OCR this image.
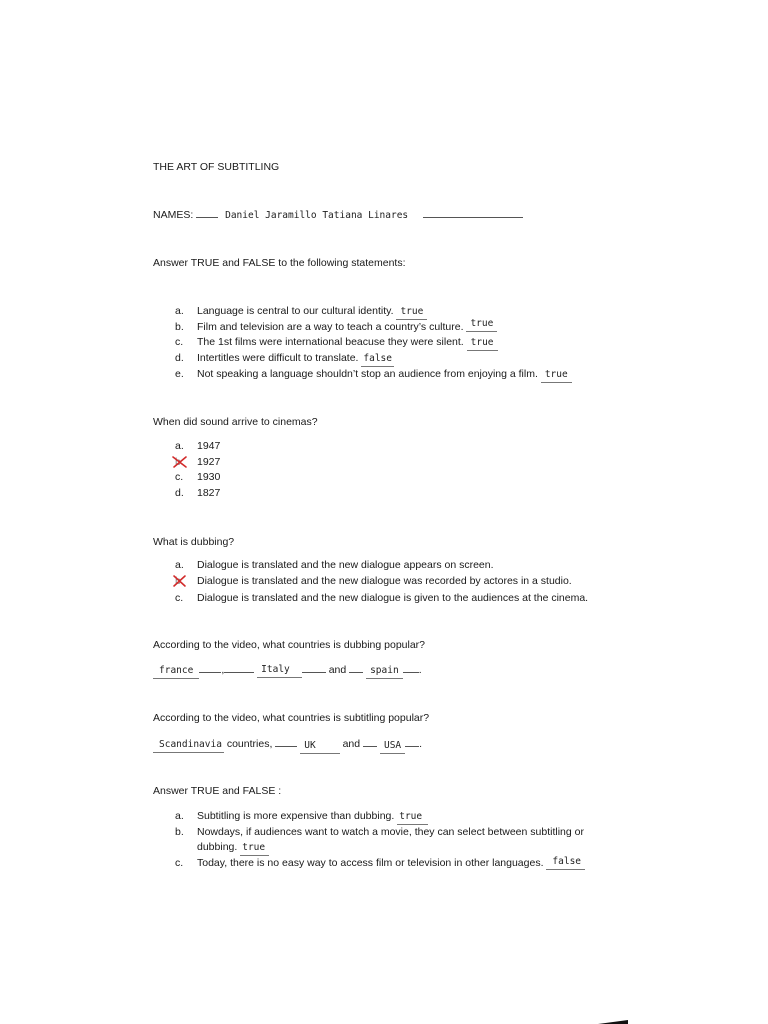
THE ART OF SUBTITLING
NAMES:	Daniel Jaramillo Tatiana Linares
Answer TRUE and FALSE to the following statements:
a. Language is central to our cultural identity. true
b. Film and television are a way to teach a country’s culture. true
c. The 1st films were international beacuse they were silent. true
d. Intertitles were difficult to translate. false
e. Not speaking a language shouldn’t stop an audience from enjoying a film. true
When did sound arrive to cinemas?
a. 1947
b. 1927
c. 1930
d. 1827
What is dubbing?
a. Dialogue is translated and the new dialogue appears on screen.
b. Dialogue is translated and the new dialogue was recorded by actores in a studio.
c. Dialogue is translated and the new dialogue is given to the audiences at the cinema.
According to the video, what countries is dubbing popular?
france	,	Italy	and	spain .
According to the video, what countries is subtitling popular?
Scandinavia countries,	UK	and	USA .
Answer TRUE and FALSE :
a. Subtitling is more expensive than dubbing. true
b. Nowdays, if audiences want to watch a movie, they can select between subtitling or
dubbing. true
c. Today, there is no easy way to access film or television in other languages. false
